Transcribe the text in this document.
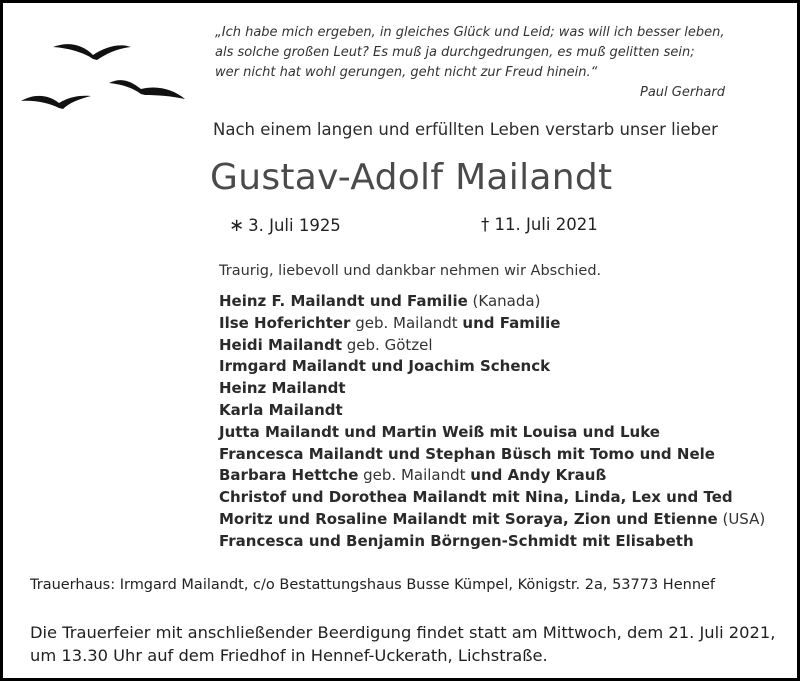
„Ich habe mich ergeben, in gleiches Glück und Leid; was will ich besser leben,
als solche großen Leut? Es muß ja durchgedrungen, es muß gelitten sein;
wer nicht hat wohl gerungen, geht nicht zur Freud hinein.“
Paul Gerhard
Nach einem langen und erfüllten Leben verstarb unser lieber
Gustav-Adolf Mailandt
∗ 3. Juli 1925	† 11. Juli 2021
Traurig, liebevoll und dankbar nehmen wir Abschied.
Heinz F. Mailandt und Familie (Kanada)
Ilse Hoferichter geb. Mailandt und Familie
Heidi Mailandt geb. Götzel
Irmgard Mailandt und Joachim Schenck
Heinz Mailandt
Karla Mailandt
Jutta Mailandt und Martin Weiß mit Louisa und Luke
Francesca Mailandt und Stephan Büsch mit Tomo und Nele
Barbara Hettche geb. Mailandt und Andy Krauß
Christof und Dorothea Mailandt mit Nina, Linda, Lex und Ted
Moritz und Rosaline Mailandt mit Soraya, Zion und Etienne (USA)
Francesca und Benjamin Börngen-Schmidt mit Elisabeth
Trauerhaus: Irmgard Mailandt, c/o Bestattungshaus Busse Kümpel, Königstr. 2a, 53773 Hennef
Die Trauerfeier mit anschließender Beerdigung findet statt am Mittwoch, dem 21. Juli 2021,
um 13.30 Uhr auf dem Friedhof in Hennef-Uckerath, Lichstraße.
